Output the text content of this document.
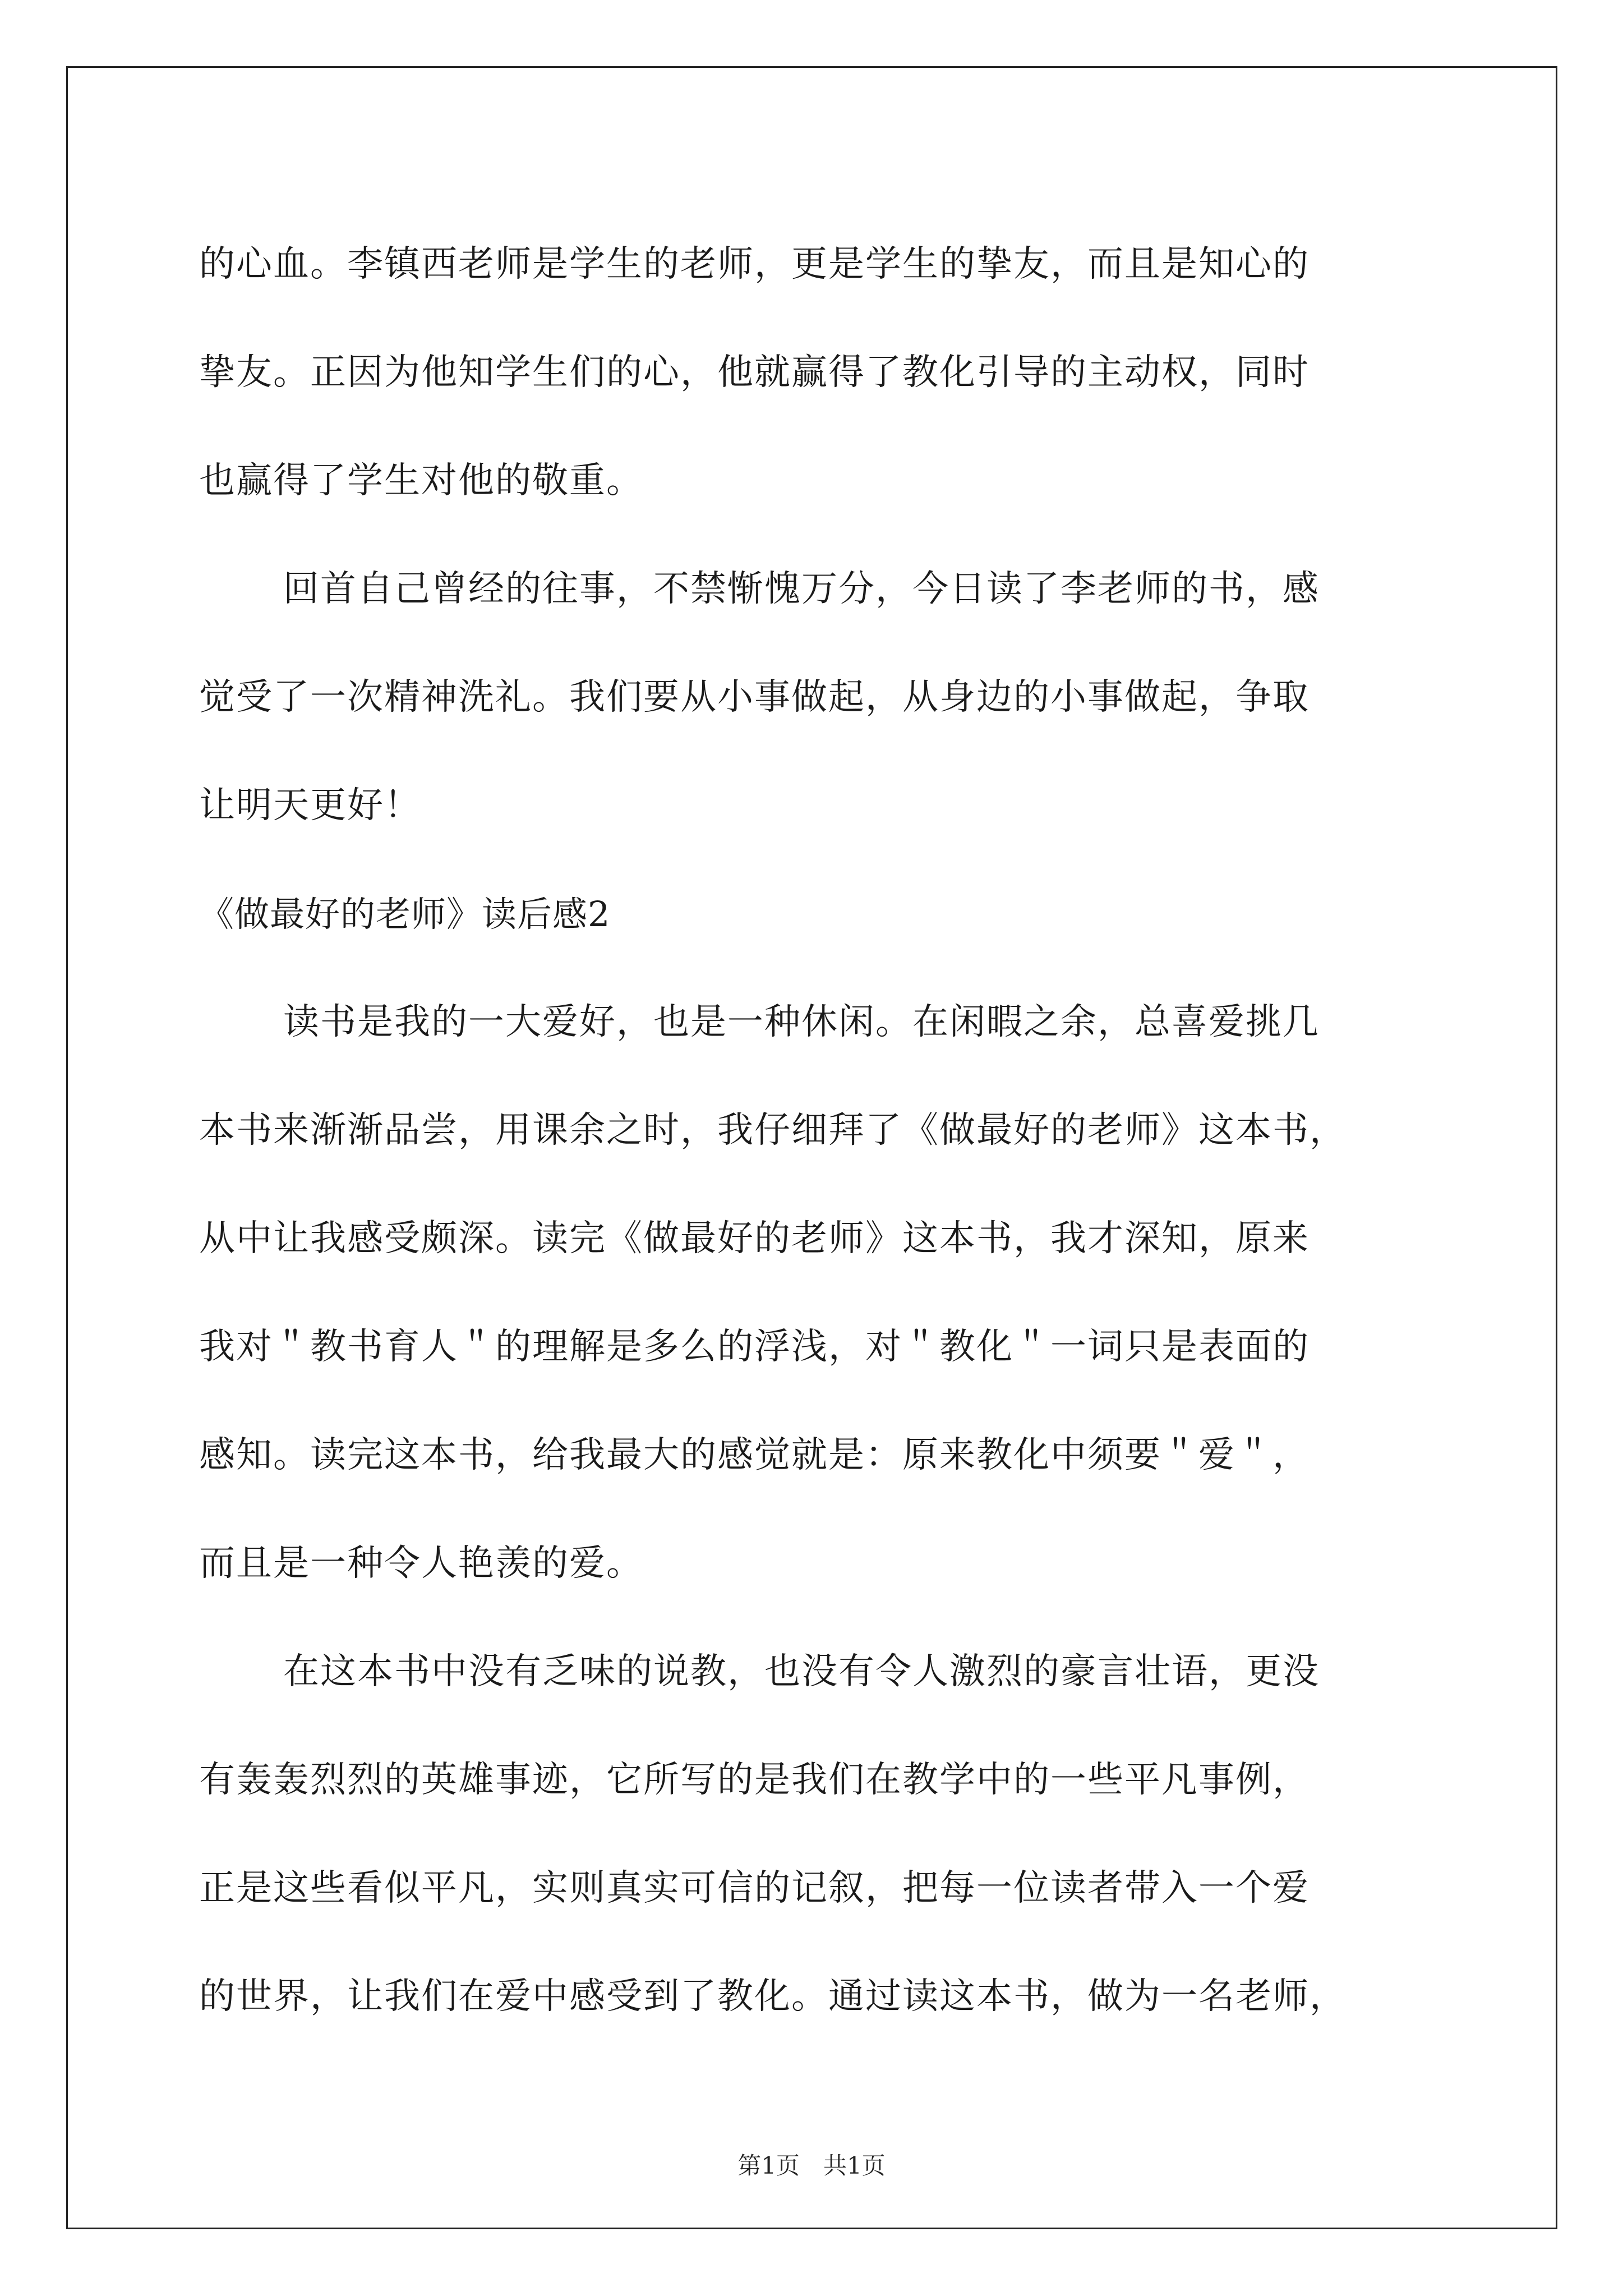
的心血。李镇西老师是学生的老师，更是学生的挚友，而且是知心的
挚友。正因为他知学生们的心，他就赢得了教化引导的主动权，同时
也赢得了学生对他的敬重。
回首自己曾经的往事，不禁惭愧万分，今日读了李老师的书，感
觉受了一次精神洗礼。我们要从小事做起，从身边的小事做起，争取
让明天更好！
《做最好的老师》读后感2
读书是我的一大爱好，也是一种休闲。在闲暇之余，总喜爱挑几
本书来渐渐品尝，用课余之时，我仔细拜了《做最好的老师》这本书，
从中让我感受颇深。读完《做最好的老师》这本书，我才深知，原来
我对＂教书育人＂的理解是多么的浮浅，对＂教化＂一词只是表面的
感知。读完这本书，给我最大的感觉就是：原来教化中须要＂爱＂，
而且是一种令人艳羡的爱。
在这本书中没有乏味的说教，也没有令人激烈的豪言壮语，更没
有轰轰烈烈的英雄事迹，它所写的是我们在教学中的一些平凡事例，
正是这些看似平凡，实则真实可信的记叙，把每一位读者带入一个爱
的世界，让我们在爱中感受到了教化。通过读这本书，做为一名老师，
第1页　共1页
